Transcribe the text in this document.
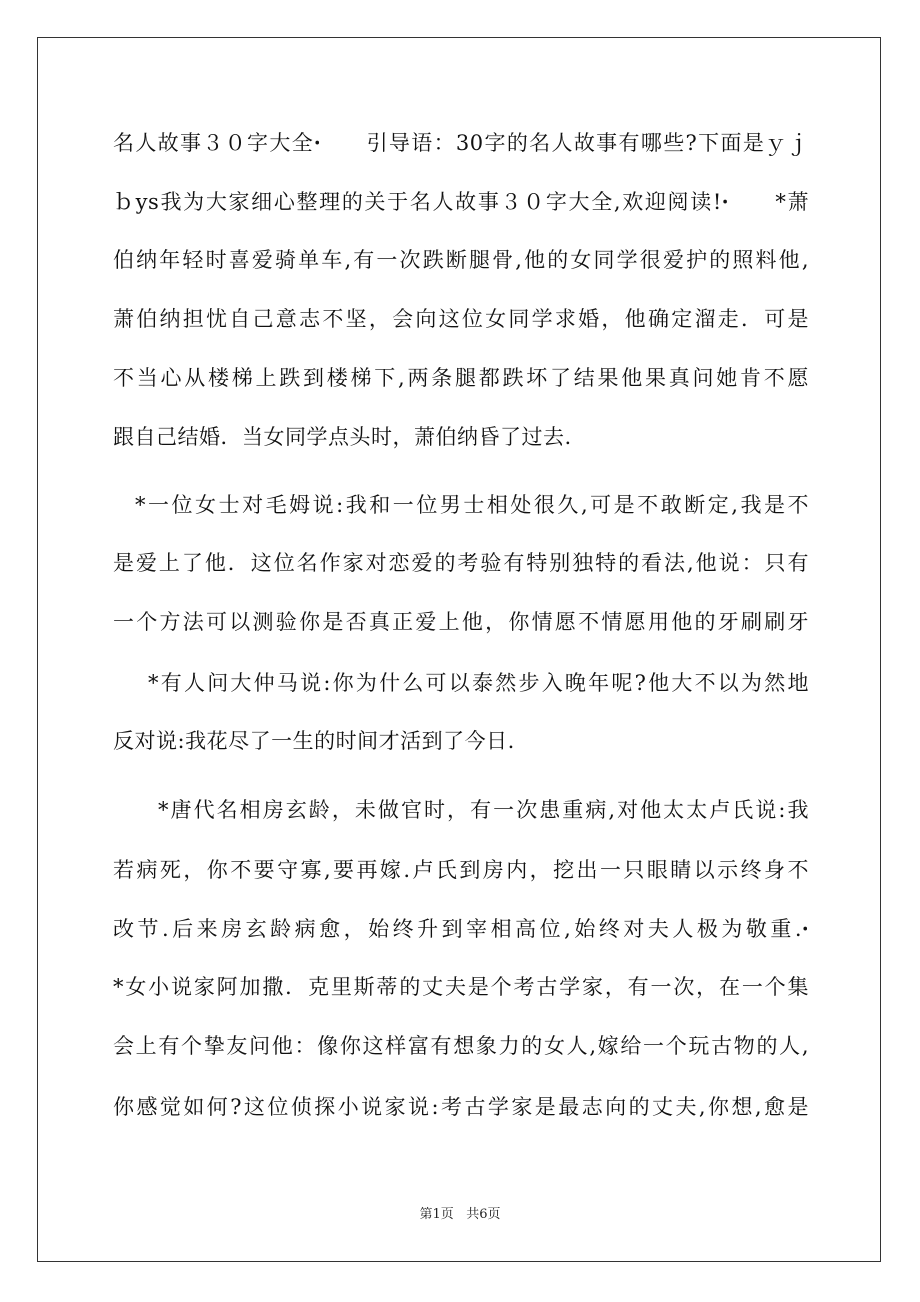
名人故事３０字大全ꞏ　　引导语：30字的名人故事有哪些?下面是ｙｊ
ｂys我为大家细心整理的关于名人故事３０字大全,欢迎阅读!ꞏ　　*萧
伯纳年轻时喜爱骑单车,有一次跌断腿骨,他的女同学很爱护的照料他,
萧伯纳担忧自己意志不坚，会向这位女同学求婚，他确定溜走．可是
不当心从楼梯上跌到楼梯下,两条腿都跌坏了结果他果真问她肯不愿
跟自己结婚．当女同学点头时，萧伯纳昏了过去.
*一位女士对毛姆说:我和一位男士相处很久,可是不敢断定,我是不
是爱上了他．这位名作家对恋爱的考验有特别独特的看法,他说：只有
一个方法可以测验你是否真正爱上他，你情愿不情愿用他的牙刷刷牙
*有人问大仲马说:你为什么可以泰然步入晚年呢?他大不以为然地
反对说:我花尽了一生的时间才活到了今日.
*唐代名相房玄龄，未做官时，有一次患重病,对他太太卢氏说:我
若病死，你不要守寡,要再嫁.卢氏到房内，挖出一只眼睛以示终身不
改节.后来房玄龄病愈，始终升到宰相高位,始终对夫人极为敬重.ꞏ
*女小说家阿加撒．克里斯蒂的丈夫是个考古学家，有一次，在一个集
会上有个挚友问他：像你这样富有想象力的女人,嫁给一个玩古物的人,
你感觉如何?这位侦探小说家说:考古学家是最志向的丈夫,你想,愈是
第1页 共6页
